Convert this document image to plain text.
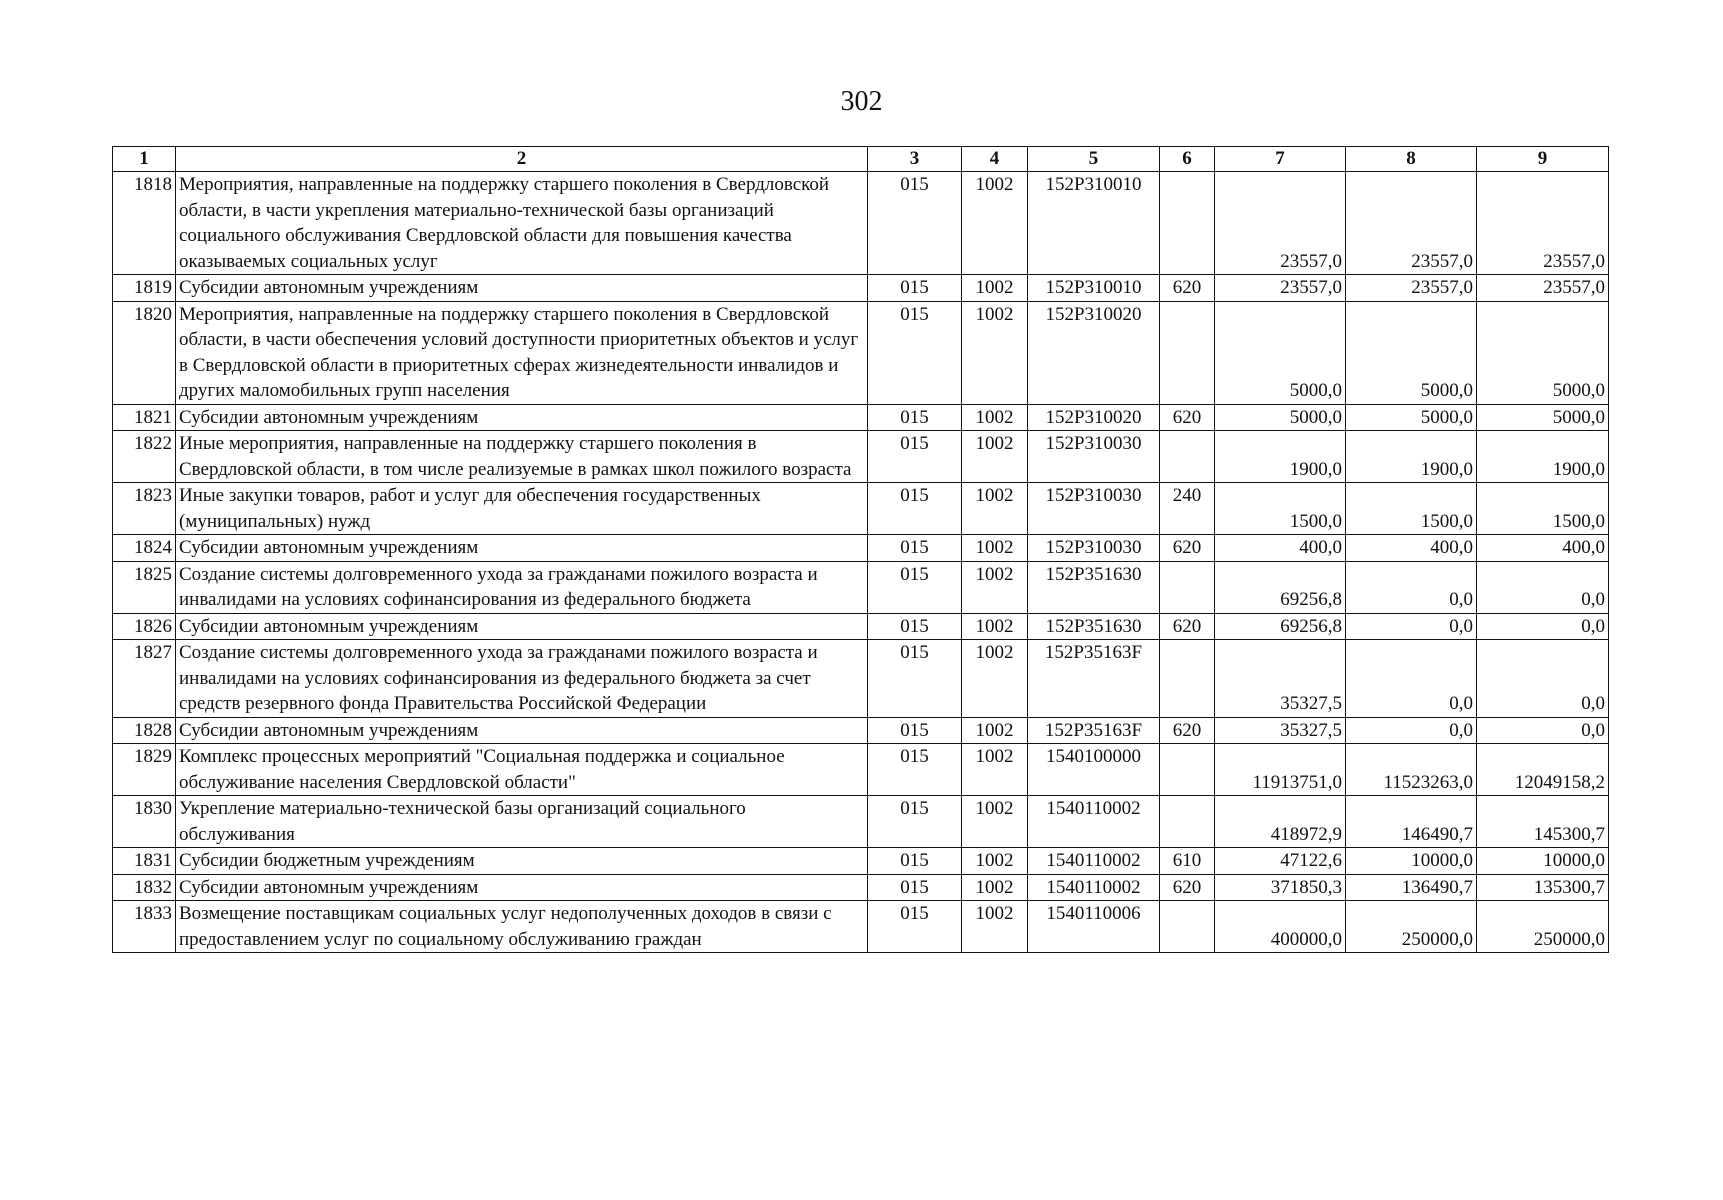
302
1	2	3	4	5	6	7	8	9
1818	Мероприятия, направленные на поддержку старшего поколения в Свердловской области, в части укрепления материально-технической базы организаций социального обслуживания Свердловской области для повышения качества оказываемых социальных услуг	015	1002	152Р310010		23557,0	23557,0	23557,0
1819	Субсидии автономным учреждениям	015	1002	152Р310010	620	23557,0	23557,0	23557,0
1820	Мероприятия, направленные на поддержку старшего поколения в Свердловской области, в части обеспечения условий доступности приоритетных объектов и услуг в Свердловской области в приоритетных сферах жизнедеятельности инвалидов и других маломобильных групп населения	015	1002	152Р310020		5000,0	5000,0	5000,0
1821	Субсидии автономным учреждениям	015	1002	152Р310020	620	5000,0	5000,0	5000,0
1822	Иные мероприятия, направленные на поддержку старшего поколения в Свердловской области, в том числе реализуемые в рамках школ пожилого возраста	015	1002	152Р310030		1900,0	1900,0	1900,0
1823	Иные закупки товаров, работ и услуг для обеспечения государственных (муниципальных) нужд	015	1002	152Р310030	240	1500,0	1500,0	1500,0
1824	Субсидии автономным учреждениям	015	1002	152Р310030	620	400,0	400,0	400,0
1825	Создание системы долговременного ухода за гражданами пожилого возраста и инвалидами на условиях софинансирования из федерального бюджета	015	1002	152Р351630		69256,8	0,0	0,0
1826	Субсидии автономным учреждениям	015	1002	152Р351630	620	69256,8	0,0	0,0
1827	Создание системы долговременного ухода за гражданами пожилого возраста и инвалидами на условиях софинансирования из федерального бюджета за счет средств резервного фонда Правительства Российской Федерации	015	1002	152Р35163F		35327,5	0,0	0,0
1828	Субсидии автономным учреждениям	015	1002	152Р35163F	620	35327,5	0,0	0,0
1829	Комплекс процессных мероприятий "Социальная поддержка и социальное обслуживание населения Свердловской области"	015	1002	1540100000		11913751,0	11523263,0	12049158,2
1830	Укрепление материально-технической базы организаций социального обслуживания	015	1002	1540110002		418972,9	146490,7	145300,7
1831	Субсидии бюджетным учреждениям	015	1002	1540110002	610	47122,6	10000,0	10000,0
1832	Субсидии автономным учреждениям	015	1002	1540110002	620	371850,3	136490,7	135300,7
1833	Возмещение поставщикам социальных услуг недополученных доходов в связи с предоставлением услуг по социальному обслуживанию граждан	015	1002	1540110006		400000,0	250000,0	250000,0
